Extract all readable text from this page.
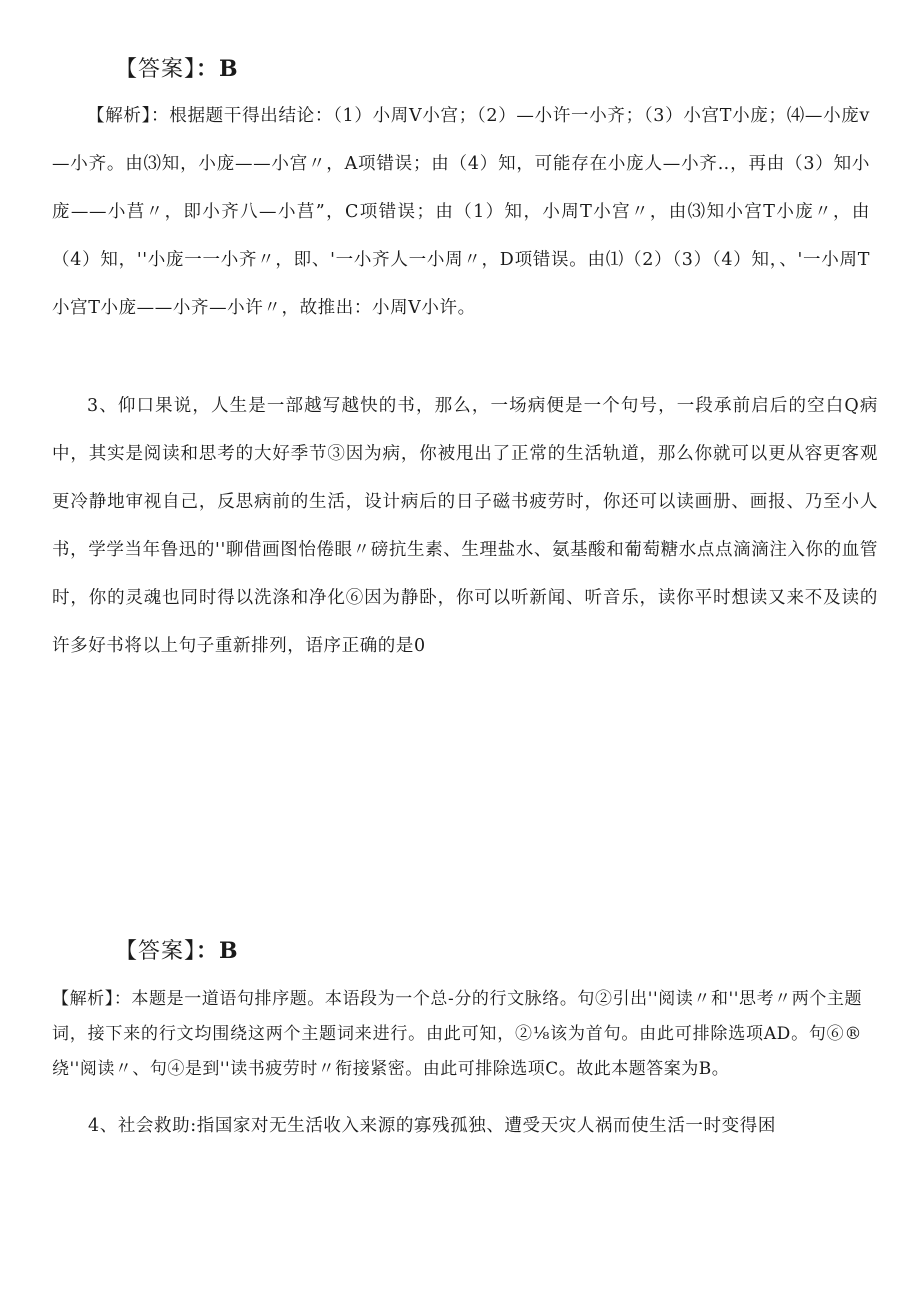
【答案】：B
【解析】：根据题干得出结论：（1）小周Ⅴ小宫；（2）—小许一小齐；（3）小宫T小庞；⑷—小庞v—小齐。由⑶知，小庞——小宫〃，A项错误；由（4）知，可能存在小庞人—小齐‥，再由（3）知小庞——小莒〃，即小齐八—小莒”，C项错误；由（1）知，小周T小宫〃，由⑶知小宫T小庞〃，由（4）知，''小庞一一小齐〃，即、'一小齐人一小周〃，D项错误。由⑴（2）（3）（4）知，、'一小周T小宫T小庞——小齐—小许〃，故推出：小周Ⅴ小许。
3、仰口果说，人生是一部越写越快的书，那么，一场病便是一个句号，一段承前启后的空白Q病中，其实是阅读和思考的大好季节③因为病，你被甩出了正常的生活轨道，那么你就可以更从容更客观更冷静地审视自己，反思病前的生活，设计病后的日子磁书疲劳时，你还可以读画册、画报、乃至小人书，学学当年鲁迅的''聊借画图怡倦眼〃磅抗生素、生理盐水、氨基酸和葡萄糖水点点滴滴注入你的血管时，你的灵魂也同时得以洗涤和净化⑥因为静卧，你可以听新闻、听音乐，读你平时想读又来不及读的许多好书将以上句子重新排列，语序正确的是0
【答案】：B
【解析】：本题是一道语句排序题。本语段为一个总-分的行文脉络。句②引出''阅读〃和''思考〃两个主题词，接下来的行文均围绕这两个主题词来进行。由此可知，②⅛该为首句。由此可排除选项AD。句⑥®绕''阅读〃、句④是到''读书疲劳时〃衔接紧密。由此可排除选项C。故此本题答案为B。
4、社会救助:指国家对无生活收入来源的寡残孤独、遭受天灾人祸而使生活一时变得困
